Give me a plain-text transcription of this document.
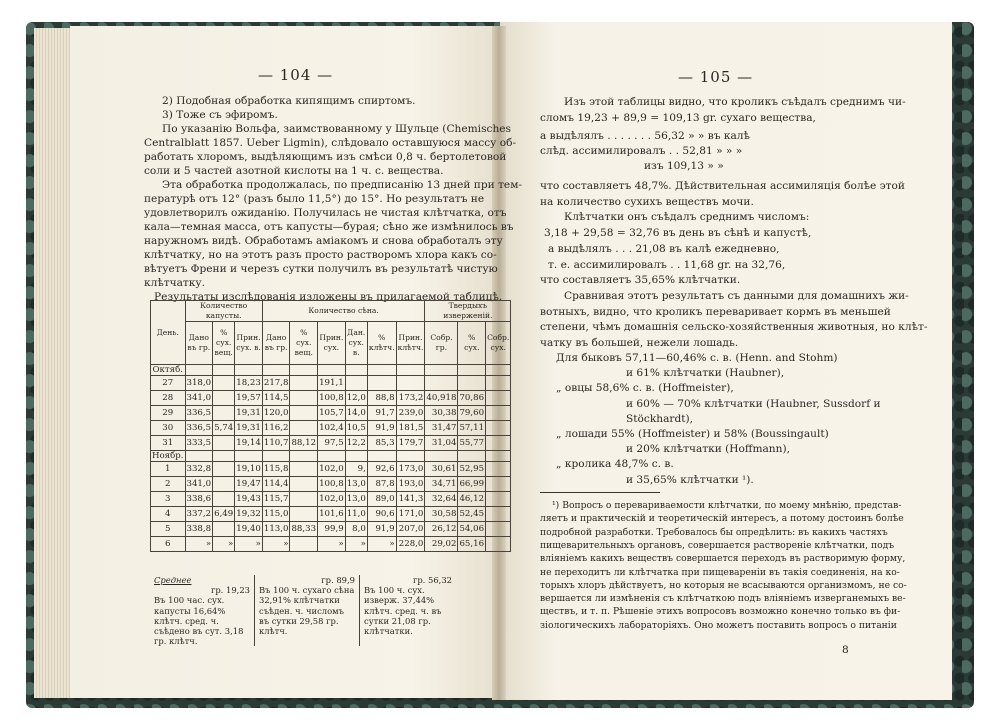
— 104 —
2) Подобная обработка кипящимъ спиртомъ.
3) Тоже съ эфиромъ.
По указанію Вольфа, заимствованному у Шульце (Chemisches
Centralblatt 1857. Ueber Ligmin), слѣдовало оставшуюся массу об-
работать хлоромъ, выдѣляющимъ изъ смѣси 0,8 ч. бертолетовой
соли и 5 частей азотной кислоты на 1 ч. с. вещества.
Эта обработка продолжалась, по предписанію 13 дней при тем-
пературѣ отъ 12° (разъ было 11,5°) до 15°. Но результатъ не
удовлетворилъ ожиданію. Получилась не чистая клѣтчатка, отъ
кала—темная масса, отъ капусты—бурая; сѣно же измѣнилось въ
наружномъ видѣ. Обработамъ аміакомъ и снова обработалъ эту
клѣтчатку, но на этотъ разъ просто растворомъ хлора какъ со-
вѣтуетъ Френи и черезъ сутки получилъ въ результатѣ чистую
клѣтчатку.
Результаты изслѣдованія изложены въ прилагаемой таблицѣ.
День.	Количество капусты.			Количество сѣна.						Твердыхъ изверженій.		
	Дано въ гр.	% сух. вещ.	Прин. сух. в.	Дано въ гр.	% сух. вещ.	Прин. сух.	Дан. сух. в.	% клѣтч.	Прин. клѣтч.	Собр. гр.	% сух.	Собр. сух.
Октяб.												
27	318,0		18,23	217,8		191,1						
28	341,0		19,57	114,5		100,8	12,0	88,8	173,2	40,918	70,86	
29	336,5		19,31	120,0		105,7	14,0	91,7	239,0	30,38	79,60	
30	336,5	5,74	19,31	116,2		102,4	10,5	91,9	181,5	31,47	57,11	
31	333,5		19,14	110,7	88,12	97,5	12,2	85,3	179,7	31,04	55,77	
Ноябр.												
1	332,8		19,10	115,8		102,0	9,	92,6	173,0	30,61	52,95	
2	341,0		19,47	114,4		100,8	13,0	87,8	193,0	34,71	66,99	
3	338,6		19,43	115,7		102,0	13,0	89,0	141,3	32,64	46,12	
4	337,2	6,49	19,32	115,0		101,6	11,0	90,6	171,0	30,58	52,45	
5	338,8		19,40	113,0	88,33	99,9	8,0	91,9	207,0	26,12	54,06	
6	»	»	»	»		»	»	»	228,0	29,02	65,16	
Среднее
гр. 19,23
Въ 100 час. сух. капусты 16,64% клѣтч. сред. ч. съѣдено въ сут. 3,18 гр. клѣтч.

гр. 89,9
Въ 100 ч. сухаго сѣна 32,91% клѣтчатки съѣден. ч. числомъ въ сутки 29,58 гр. клѣтч.

гр. 56,32
Въ 100 ч. сух. изверж. 37,44% клѣтч. сред. ч. въ сутки 21,08 гр. клѣтчатки.
— 105 —
Изъ этой таблицы видно, что кроликъ съѣдалъ среднимъ чи-
сломъ 19,23 + 89,9 = 109,13 gr. сухаго вещества,
а выдѣлялъ . . . . . . . 56,32 » » въ калѣ
слѣд. ассимилировалъ . . 52,81 » » »
изъ 109,13 » »
что составляетъ 48,7%. Дѣйствительная ассимиляція болѣе этой
на количество сухихъ веществъ мочи.
Клѣтчатки онъ съѣдалъ среднимъ числомъ:
3,18 + 29,58 = 32,76 въ день въ сѣнѣ и капустѣ,
а выдѣлялъ . . . 21,08 въ калѣ ежедневно,
т. е. ассимилировалъ . . 11,68 gr. на 32,76,
что составляетъ 35,65% клѣтчатки.
Сравнивая этотъ результатъ съ данными для домашнихъ жи-
вотныхъ, видно, что кроликъ переваривает кормъ въ меньшей
степени, чѣмъ домашнія сельско-хозяйственныя животныя, но клѣт-
чатку въ большей, нежели лошадь.
Для быковъ 57,11—60,46% с. в. (Henn. and Stohm)
и 61% клѣтчатки (Haubner),
„ овцы 58,6% с. в. (Hoffmeister),
и 60% — 70% клѣтчатки (Haubner, Sussdorf и
Stöckhardt),
„ лошади 55% (Hoffmeister) и 58% (Boussingault)
и 20% клѣтчатки (Hoffmann),
„ кролика 48,7% с. в.
и 35,65% клѣтчатки ¹).
¹) Вопросъ о перевариваемости клѣтчатки, по моему мнѣнію, представ-
ляетъ и практическій и теоретическій интересъ, а потому достоинъ болѣе
подробной разработки. Требовалось бы опредѣлить: въ какихъ частяхъ
пищеварительныхъ органовъ, совершается раствореніе клѣтчатки, подъ
вліяніемъ какихъ веществъ совершается переходъ въ растворимую форму,
не переходитъ ли клѣтчатка при пищевареніи въ такія соединенія, на ко-
торыхъ хлоръ дѣйствуетъ, но которыя не всасываются организмомъ, не со-
вершается ли измѣненія съ клѣтчаткою подъ вліяніемъ изверганемыхъ ве-
ществъ, и т. п. Рѣшеніе этихъ вопросовъ возможно конечно только въ фи-
зіологическихъ лабораторіяхъ. Оно можетъ поставить вопросъ о питаніи
8
